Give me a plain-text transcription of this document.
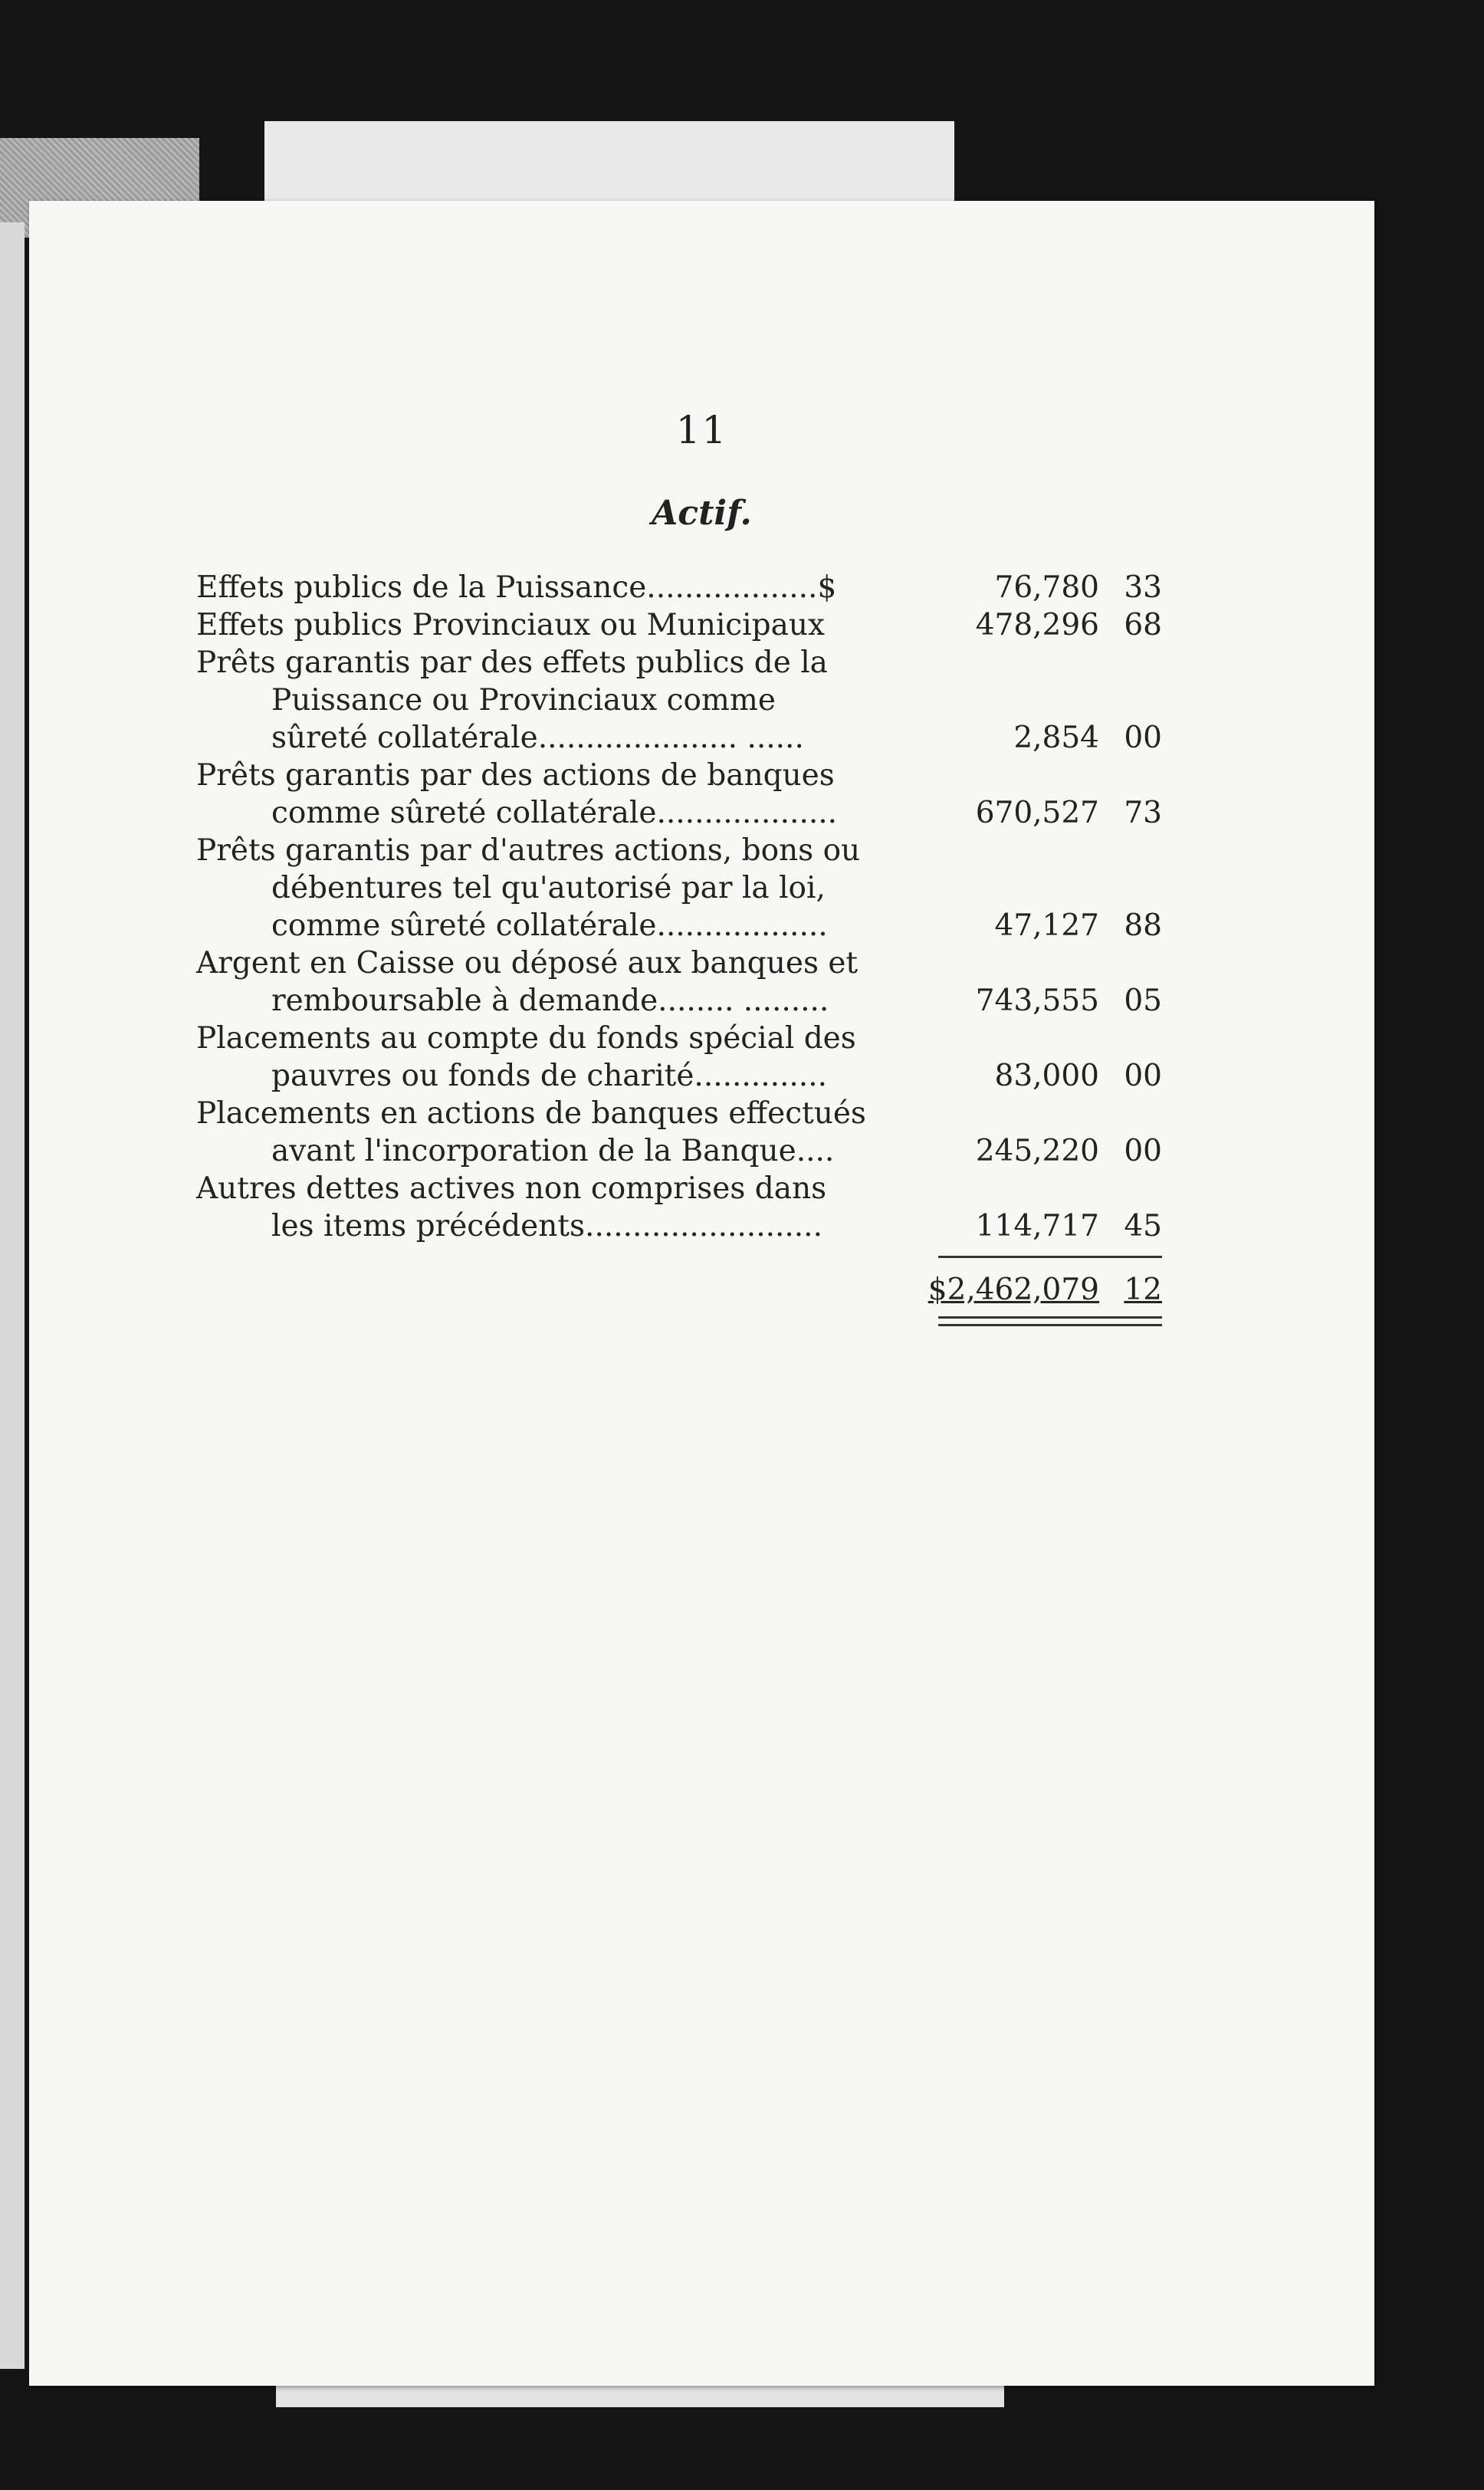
11
Actif.
Effets publics de la Puissance..................$	76,780 33
Effets publics Provinciaux ou Municipaux	478,296 68
Prêts garantis par des effets publics de la
Puissance ou Provinciaux comme
sûreté collatérale..................... ......	2,854 00
Prêts garantis par des actions de banques
comme sûreté collatérale...................	670,527 73
Prêts garantis par d'autres actions, bons ou
débentures tel qu'autorisé par la loi,
comme sûreté collatérale..................	47,127 88
Argent en Caisse ou déposé aux banques et
remboursable à demande........ .........	743,555 05
Placements au compte du fonds spécial des
pauvres ou fonds de charité..............	83,000 00
Placements en actions de banques effectués
avant l'incorporation de la Banque....	245,220 00
Autres dettes actives non comprises dans
les items précédents.........................	114,717 45
$2,462,079 12
